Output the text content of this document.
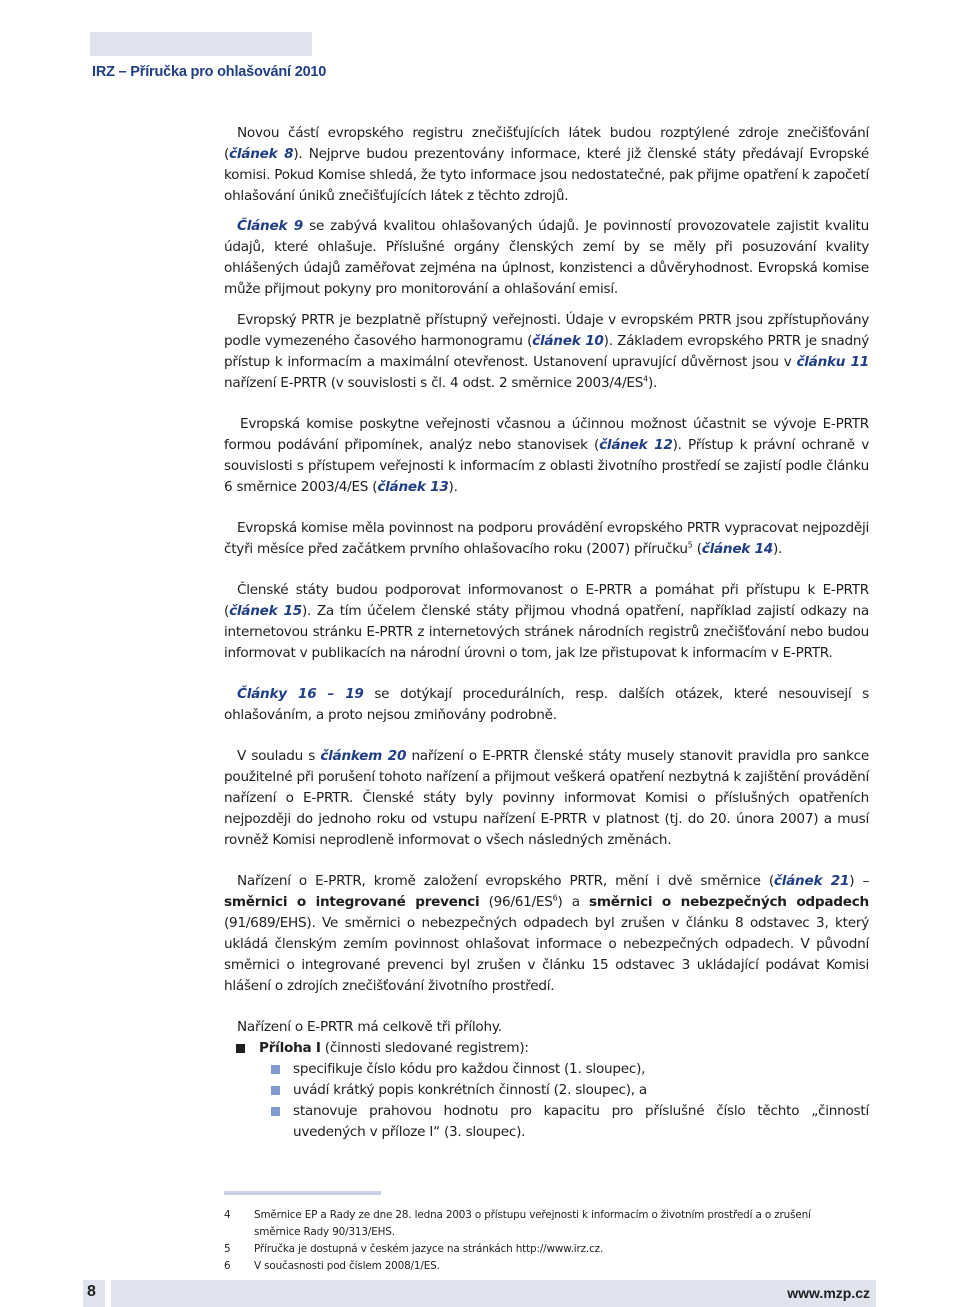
IRZ – Příručka pro ohlašování 2010

Novou částí evropského registru znečišťujících látek budou rozptýlené zdroje znečišťování (článek 8). Nejprve budou prezentovány informace, které již členské státy předávají Evropské komisi. Pokud Komise shledá, že tyto informace jsou nedostatečné, pak přijme opatření k započetí ohlašování úniků znečišťujících látek z těchto zdrojů.

Článek 9 se zabývá kvalitou ohlašovaných údajů. Je povinností provozovatele zajistit kvalitu údajů, které ohlašuje. Příslušné orgány členských zemí by se měly při posuzování kvality ohlášených údajů zaměřovat zejména na úplnost, konzistenci a důvěryhodnost. Evropská komise může přijmout pokyny pro monitorování a ohlašování emisí.

Evropský PRTR je bezplatně přístupný veřejnosti. Údaje v evropském PRTR jsou zpřístupňovány podle vymezeného časového harmonogramu (článek 10). Základem evropského PRTR je snadný přístup k informacím a maximální otevřenost. Ustanovení upravující důvěrnost jsou v článku 11 nařízení E-PRTR (v souvislosti s čl. 4 odst. 2 směrnice $2003/4/ES^4$).

Evropská komise poskytne veřejnosti včasnou a účinnou možnost účastnit se vývoje E-PRTR formou podávání připomínek, analýz nebo stanovisek (článek 12). Přístup k právní ochraně v souvislosti s přístupem veřejnosti k informacím z oblasti životního prostředí se zajistí podle článku 6 směrnice 2003/4/ES (článek 13).

Evropská komise měla povinnost na podporu provádění evropského PRTR vypracovat nejpozději čtyři měsíce před začátkem prvního ohlašovacího roku (2007) příručku$^5$ (článek 14).

Členské státy budou podporovat informovanost o E-PRTR a pomáhat při přístupu k E-PRTR (článek 15). Za tím účelem členské státy přijmou vhodná opatření, například zajistí odkazy na internetovou stránku E-PRTR z internetových stránek národních registrů znečišťování nebo budou informovat v publikacích na národní úrovni o tom, jak lze přistupovat k informacím v E-PRTR.

Články 16 – 19 se dotýkají procedurálních, resp. dalších otázek, které nesouvisejí s ohlašováním, a proto nejsou zmiňovány podrobně.

V souladu s článkem 20 nařízení o E-PRTR členské státy musely stanovit pravidla pro sankce použitelné při porušení tohoto nařízení a přijmout veškerá opatření nezbytná k zajištění provádění nařízení o E-PRTR. Členské státy byly povinny informovat Komisi o příslušných opatřeních nejpozději do jednoho roku od vstupu nařízení E-PRTR v platnost (tj. do 20. února 2007) a musí rovněž Komisi neprodleně informovat o všech následných změnách.

Nařízení o E-PRTR, kromě založení evropského PRTR, mění i dvě směrnice (článek 21) – směrnici o integrované prevenci $(96/61/ES^6)$ a směrnici o nebezpečných odpadech (91/689/EHS). Ve směrnici o nebezpečných odpadech byl zrušen v článku 8 odstavec 3, který ukládá členským zemím povinnost ohlašovat informace o nebezpečných odpadech. V původní směrnici o integrované prevenci byl zrušen v článku 15 odstavec 3 ukládající podávat Komisi hlášení o zdrojích znečišťování životního prostředí.

Nařízení o E-PRTR má celkově tři přílohy.

Příloha I (činnosti sledované registrem):
specifikuje číslo kódu pro každou činnost (1. sloupec),
uvádí krátký popis konkrétních činností (2. sloupec), a
stanovuje prahovou hodnotu pro kapacitu pro příslušné číslo těchto „činností uvedených v příloze I“ (3. sloupec).
4	Směrnice EP a Rady ze dne 28. ledna 2003 o přístupu veřejnosti k informacím o životním prostředí a o zrušení směrnice Rady 90/313/EHS.
5	Příručka je dostupná v českém jazyce na stránkách http://www.irz.cz.
6	V současnosti pod číslem 2008/1/ES.
8	www.mzp.cz
